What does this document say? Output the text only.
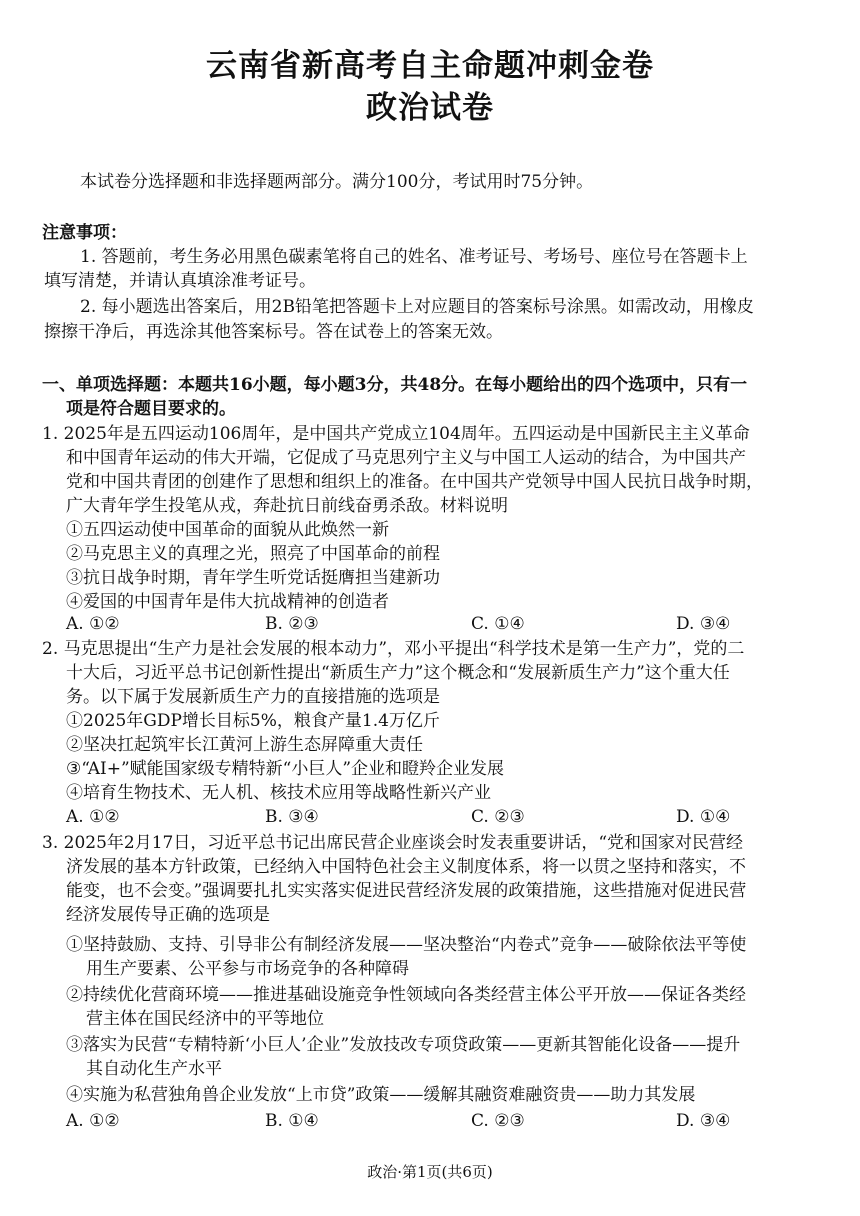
云南省新高考自主命题冲刺金卷
政治试卷
本试卷分选择题和非选择题两部分。满分100分，考试用时75分钟。
注意事项：
1. 答题前，考生务必用黑色碳素笔将自己的姓名、准考证号、考场号、座位号在答题卡上
填写清楚，并请认真填涂准考证号。
2. 每小题选出答案后，用2B铅笔把答题卡上对应题目的答案标号涂黑。如需改动，用橡皮
擦擦干净后，再选涂其他答案标号。答在试卷上的答案无效。
一、单项选择题：本题共16小题，每小题3分，共48分。在每小题给出的四个选项中，只有一
项是符合题目要求的。
1. 2025年是五四运动106周年，是中国共产党成立104周年。五四运动是中国新民主主义革命
和中国青年运动的伟大开端，它促成了马克思列宁主义与中国工人运动的结合，为中国共产
党和中国共青团的创建作了思想和组织上的准备。在中国共产党领导中国人民抗日战争时期，
广大青年学生投笔从戎，奔赴抗日前线奋勇杀敌。材料说明
①五四运动使中国革命的面貌从此焕然一新
②马克思主义的真理之光，照亮了中国革命的前程
③抗日战争时期，青年学生听党话挺膺担当建新功
④爱国的中国青年是伟大抗战精神的创造者
A. ①②	B. ②③	C. ①④	D. ③④
2. 马克思提出“生产力是社会发展的根本动力”，邓小平提出“科学技术是第一生产力”，党的二
十大后，习近平总书记创新性提出“新质生产力”这个概念和“发展新质生产力”这个重大任
务。以下属于发展新质生产力的直接措施的选项是
①2025年GDP增长目标5%，粮食产量1.4万亿斤
②坚决扛起筑牢长江黄河上游生态屏障重大责任
③“AI+”赋能国家级专精特新“小巨人”企业和瞪羚企业发展
④培育生物技术、无人机、核技术应用等战略性新兴产业
A. ①②	B. ③④	C. ②③	D. ①④
3. 2025年2月17日，习近平总书记出席民营企业座谈会时发表重要讲话，“党和国家对民营经
济发展的基本方针政策，已经纳入中国特色社会主义制度体系，将一以贯之坚持和落实，不
能变，也不会变。”强调要扎扎实实落实促进民营经济发展的政策措施，这些措施对促进民营
经济发展传导正确的选项是
①坚持鼓励、支持、引导非公有制经济发展——坚决整治“内卷式”竞争——破除依法平等使
用生产要素、公平参与市场竞争的各种障碍
②持续优化营商环境——推进基础设施竞争性领域向各类经营主体公平开放——保证各类经
营主体在国民经济中的平等地位
③落实为民营“专精特新‘小巨人’企业”发放技改专项贷政策——更新其智能化设备——提升
其自动化生产水平
④实施为私营独角兽企业发放“上市贷”政策——缓解其融资难融资贵——助力其发展
A. ①②	B. ①④	C. ②③	D. ③④
政治·第1页(共6页)
